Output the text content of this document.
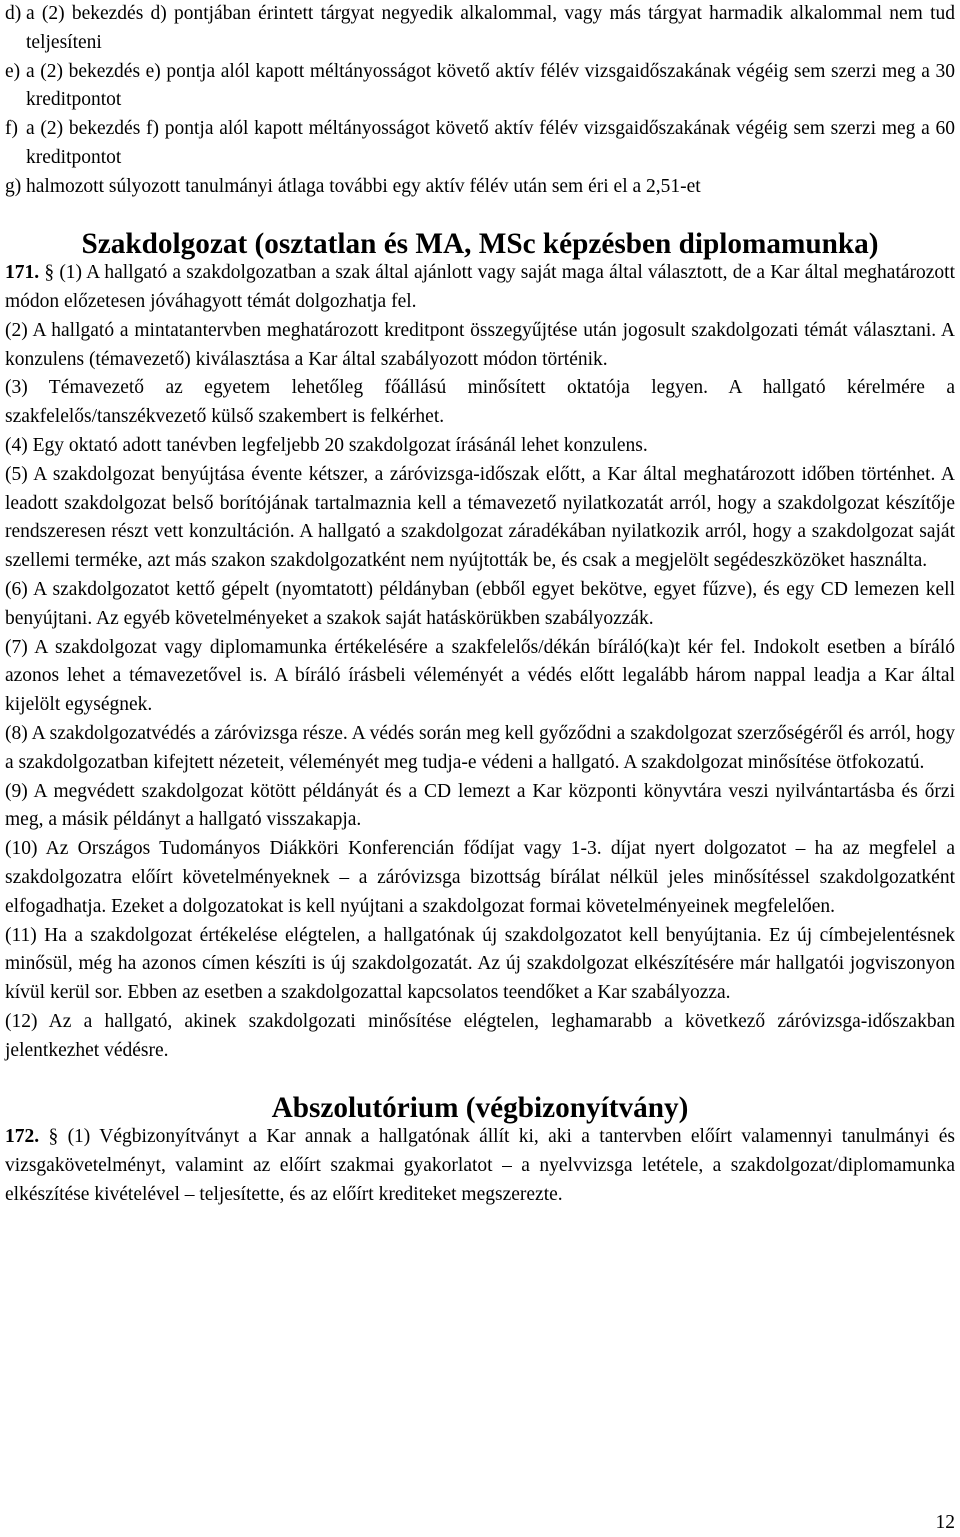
d) a (2) bekezdés d) pontjában érintett tárgyat negyedik alkalommal, vagy más tárgyat harmadik alkalommal nem tud teljesíteni
e) a (2) bekezdés e) pontja alól kapott méltányosságot követő aktív félév vizsgaidőszakának végéig sem szerzi meg a 30 kreditpontot
f) a (2) bekezdés f) pontja alól kapott méltányosságot követő aktív félév vizsgaidőszakának végéig sem szerzi meg a 60 kreditpontot
g) halmozott súlyozott tanulmányi átlaga további egy aktív félév után sem éri el a 2,51-et
Szakdolgozat (osztatlan és MA, MSc képzésben diplomamunka)

171. § (1) A hallgató a szakdolgozatban a szak által ajánlott vagy saját maga által választott, de a Kar által meghatározott módon előzetesen jóváhagyott témát dolgozhatja fel.

(2) A hallgató a mintatantervben meghatározott kreditpont összegyűjtése után jogosult szakdolgozati témát választani. A konzulens (témavezető) kiválasztása a Kar által szabályozott módon történik.

(3) Témavezető az egyetem lehetőleg főállású minősített oktatója legyen. A hallgató kérelmére a szakfelelős/tanszékvezető külső szakembert is felkérhet.

(4) Egy oktató adott tanévben legfeljebb 20 szakdolgozat írásánál lehet konzulens.

(5) A szakdolgozat benyújtása évente kétszer, a záróvizsga-időszak előtt, a Kar által meghatározott időben történhet. A leadott szakdolgozat belső borítójának tartalmaznia kell a témavezető nyilatkozatát arról, hogy a szakdolgozat készítője rendszeresen részt vett konzultáción. A hallgató a szakdolgozat záradékában nyilatkozik arról, hogy a szakdolgozat saját szellemi terméke, azt más szakon szakdolgozatként nem nyújtották be, és csak a megjelölt segédeszközöket használta.

(6) A szakdolgozatot kettő gépelt (nyomtatott) példányban (ebből egyet bekötve, egyet fűzve), és egy CD lemezen kell benyújtani. Az egyéb követelményeket a szakok saját hatáskörükben szabályozzák.

(7) A szakdolgozat vagy diplomamunka értékelésére a szakfelelős/dékán bíráló(ka)t kér fel. Indokolt esetben a bíráló azonos lehet a témavezetővel is. A bíráló írásbeli véleményét a védés előtt legalább három nappal leadja a Kar által kijelölt egységnek.

(8) A szakdolgozatvédés a záróvizsga része. A védés során meg kell győződni a szakdolgozat szerzőségéről és arról, hogy a szakdolgozatban kifejtett nézeteit, véleményét meg tudja-e védeni a hallgató. A szakdolgozat minősítése ötfokozatú.

(9) A megvédett szakdolgozat kötött példányát és a CD lemezt a Kar központi könyvtára veszi nyilvántartásba és őrzi meg, a másik példányt a hallgató visszakapja.

(10) Az Országos Tudományos Diákköri Konferencián fődíjat vagy 1-3. díjat nyert dolgozatot – ha az megfelel a szakdolgozatra előírt követelményeknek – a záróvizsga bizottság bírálat nélkül jeles minősítéssel szakdolgozatként elfogadhatja. Ezeket a dolgozatokat is kell nyújtani a szakdolgozat formai követelményeinek megfelelően.

(11) Ha a szakdolgozat értékelése elégtelen, a hallgatónak új szakdolgozatot kell benyújtania. Ez új címbejelentésnek minősül, még ha azonos címen készíti is új szakdolgozatát. Az új szakdolgozat elkészítésére már hallgatói jogviszonyon kívül kerül sor. Ebben az esetben a szakdolgozattal kapcsolatos teendőket a Kar szabályozza.

(12) Az a hallgató, akinek szakdolgozati minősítése elégtelen, leghamarabb a következő záróvizsga-időszakban jelentkezhet védésre.

Abszolutórium (végbizonyítvány)

172. § (1) Végbizonyítványt a Kar annak a hallgatónak állít ki, aki a tantervben előírt valamennyi tanulmányi és vizsgakövetelményt, valamint az előírt szakmai gyakorlatot – a nyelvvizsga letétele, a szakdolgozat/diplomamunka elkészítése kivételével – teljesítette, és az előírt krediteket megszerezte.

12
